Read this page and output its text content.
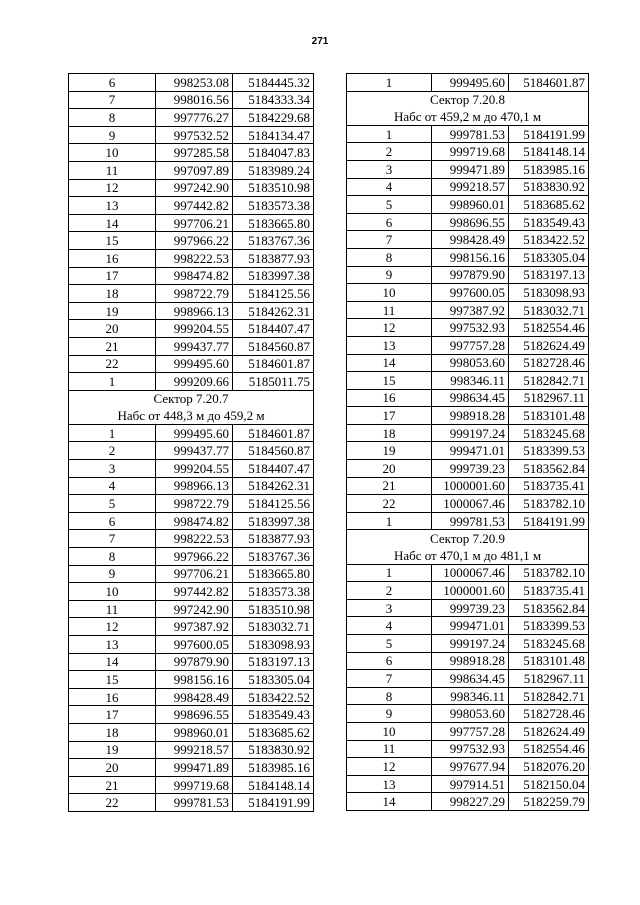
271
6	998253.08	5184445.32
7	998016.56	5184333.34
8	997776.27	5184229.68
9	997532.52	5184134.47
10	997285.58	5184047.83
11	997097.89	5183989.24
12	997242.90	5183510.98
13	997442.82	5183573.38
14	997706.21	5183665.80
15	997966.22	5183767.36
16	998222.53	5183877.93
17	998474.82	5183997.38
18	998722.79	5184125.56
19	998966.13	5184262.31
20	999204.55	5184407.47
21	999437.77	5184560.87
22	999495.60	5184601.87
1	999209.66	5185011.75
Сектор 7.20.7		
Набс от 448,3 м до 459,2 м		
1	999495.60	5184601.87
2	999437.77	5184560.87
3	999204.55	5184407.47
4	998966.13	5184262.31
5	998722.79	5184125.56
6	998474.82	5183997.38
7	998222.53	5183877.93
8	997966.22	5183767.36
9	997706.21	5183665.80
10	997442.82	5183573.38
11	997242.90	5183510.98
12	997387.92	5183032.71
13	997600.05	5183098.93
14	997879.90	5183197.13
15	998156.16	5183305.04
16	998428.49	5183422.52
17	998696.55	5183549.43
18	998960.01	5183685.62
19	999218.57	5183830.92
20	999471.89	5183985.16
21	999719.68	5184148.14
22	999781.53	5184191.99
1	999495.60	5184601.87
Сектор 7.20.8		
Набс от 459,2 м до 470,1 м		
1	999781.53	5184191.99
2	999719.68	5184148.14
3	999471.89	5183985.16
4	999218.57	5183830.92
5	998960.01	5183685.62
6	998696.55	5183549.43
7	998428.49	5183422.52
8	998156.16	5183305.04
9	997879.90	5183197.13
10	997600.05	5183098.93
11	997387.92	5183032.71
12	997532.93	5182554.46
13	997757.28	5182624.49
14	998053.60	5182728.46
15	998346.11	5182842.71
16	998634.45	5182967.11
17	998918.28	5183101.48
18	999197.24	5183245.68
19	999471.01	5183399.53
20	999739.23	5183562.84
21	1000001.60	5183735.41
22	1000067.46	5183782.10
1	999781.53	5184191.99
Сектор 7.20.9		
Набс от 470,1 м до 481,1 м		
1	1000067.46	5183782.10
2	1000001.60	5183735.41
3	999739.23	5183562.84
4	999471.01	5183399.53
5	999197.24	5183245.68
6	998918.28	5183101.48
7	998634.45	5182967.11
8	998346.11	5182842.71
9	998053.60	5182728.46
10	997757.28	5182624.49
11	997532.93	5182554.46
12	997677.94	5182076.20
13	997914.51	5182150.04
14	998227.29	5182259.79
